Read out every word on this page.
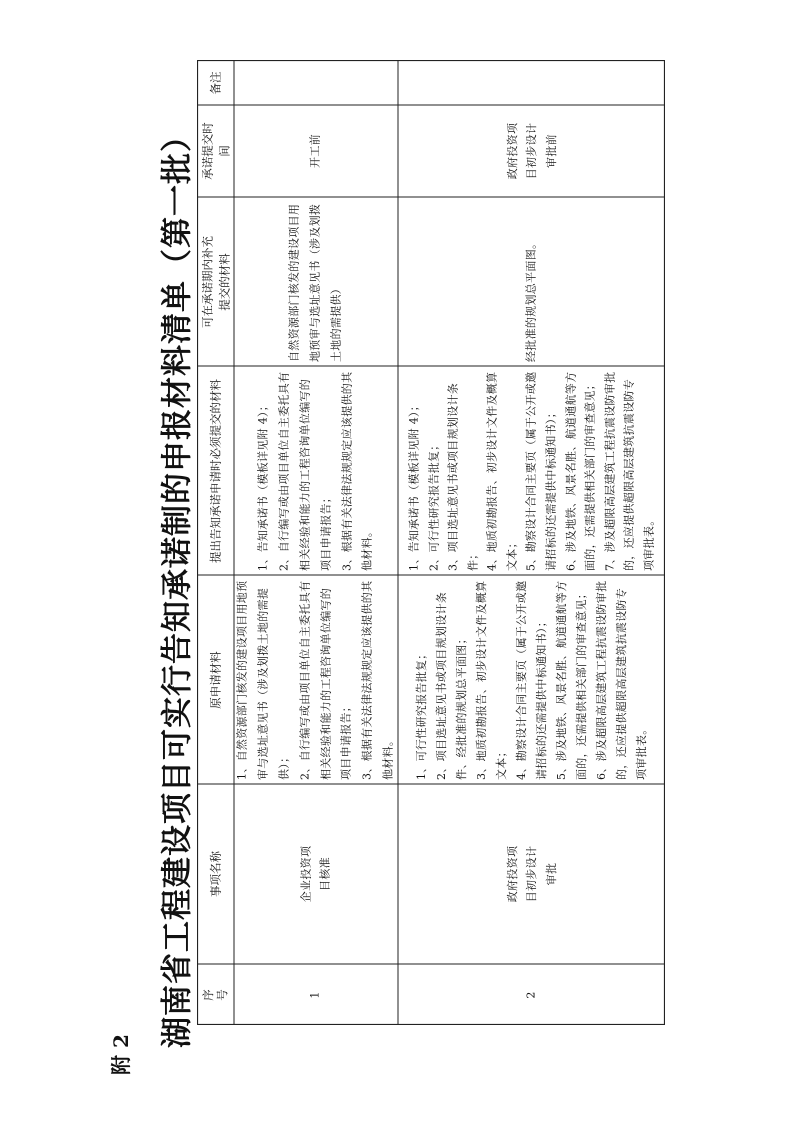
附 2
湖南省工程建设项目可实行告知承诺制的申报材料清单（第一批）
备注
承诺提交时间
可在承诺期内补充提交的材料
提出告知承诺申请时必须提交的材料
原申请材料
事项名称
序号
开工前
自然资源部门核发的建设项目用地预审与选址意见书（涉及划拨土地的需提供）
1、告知承诺书（模板详见附 4）； 2、自行编写或由项目单位自主委托具有相关经验和能力的工程咨询单位编写的项目申请报告； 3、根据有关法律法规规定应该提供的其他材料。
1、自然资源部门核发的建设项目用地预审与选址意见书（涉及划拨土地的需提供）； 2、自行编写或由项目单位自主委托具有相关经验和能力的工程咨询单位编写的项目申请报告； 3、根据有关法律法规规定应该提供的其他材料。
企业投资项目核准
1
政府投资项目初步设计审批前
经批准的规划总平面图。
1、告知承诺书（模板详见附 4）； 2、可行性研究报告批复； 3、项目选址意见书或项目规划设计条件； 4、地质初勘报告、初步设计文件及概算文本； 5、勘察设计合同主要页（属于公开或邀请招标的还需提供中标通知书）； 6、涉及地铁、风景名胜、航道通航等方面的，还需提供相关部门的审查意见； 7、涉及超限高层建筑工程抗震设防审批的，还应提供超限高层建筑抗震设防专项审批表。
1、可行性研究报告批复； 2、项目选址意见书或项目规划设计条件、经批准的规划总平面图； 3、地质初勘报告、初步设计文件及概算文本； 4、勘察设计合同主要页（属于公开或邀请招标的还需提供中标通知书）； 5、涉及地铁、风景名胜、航道通航等方面的，还需提供相关部门的审查意见； 6、涉及超限高层建筑工程抗震设防审批的，还应提供超限高层建筑抗震设防专项审批表。
政府投资项目初步设计审批
2
